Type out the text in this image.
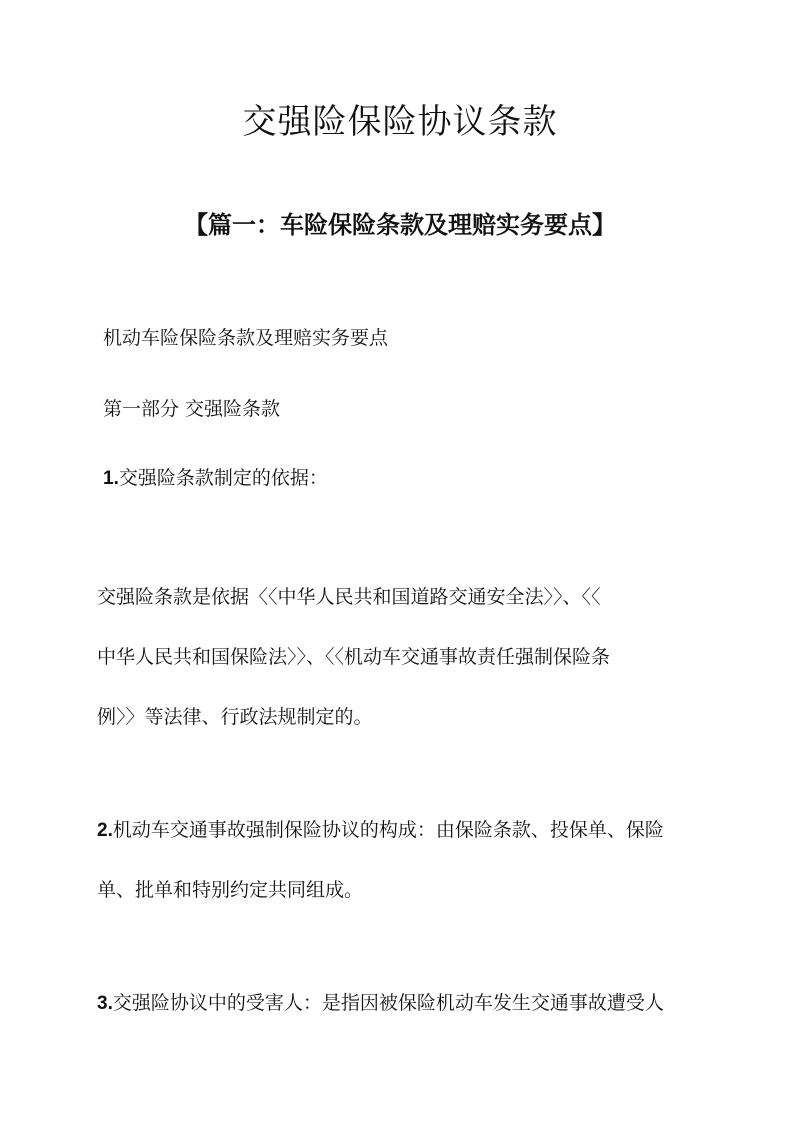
交强险保险协议条款
【篇一：车险保险条款及理赔实务要点】

机动车险保险条款及理赔实务要点

第一部分 交强险条款

1.交强险条款制定的依据：

交强险条款是依据〈〈中华人民共和国道路交通安全法〉〉、〈〈
中华人民共和国保险法〉〉、〈〈机动车交通事故责任强制保险条
例〉〉等法律、行政法规制定的。
2.机动车交通事故强制保险协议的构成：由保险条款、投保单、保险
单、批单和特别约定共同组成。
3.交强险协议中的受害人：是指因被保险机动车发生交通事故遭受人
